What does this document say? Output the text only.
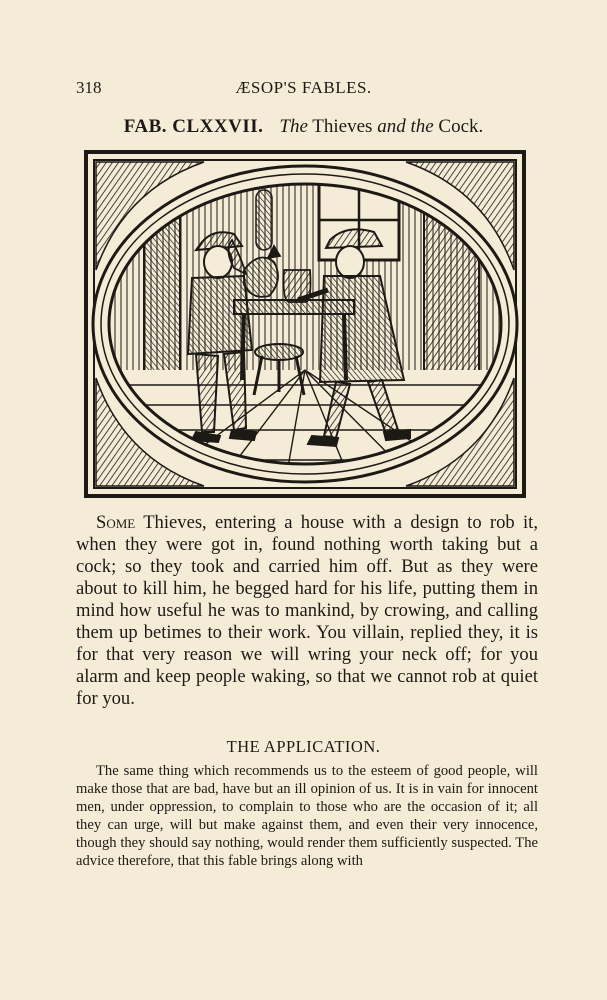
318	ÆSOP'S FABLES.
FAB. CLXXVII. The Thieves and the Cock.

Some Thieves, entering a house with a design to rob it, when they were got in, found nothing worth taking but a cock; so they took and carried him off. But as they were about to kill him, he begged hard for his life, putting them in mind how useful he was to mankind, by crowing, and calling them up betimes to their work. You villain, replied they, it is for that very reason we will wring your neck off; for you alarm and keep people waking, so that we cannot rob at quiet for you.

THE APPLICATION.

The same thing which recommends us to the esteem of good people, will make those that are bad, have but an ill opinion of us. It is in vain for innocent men, under oppression, to complain to those who are the occasion of it; all they can urge, will but make against them, and even their very innocence, though they should say nothing, would render them sufficiently suspected. The advice therefore, that this fable brings along with
